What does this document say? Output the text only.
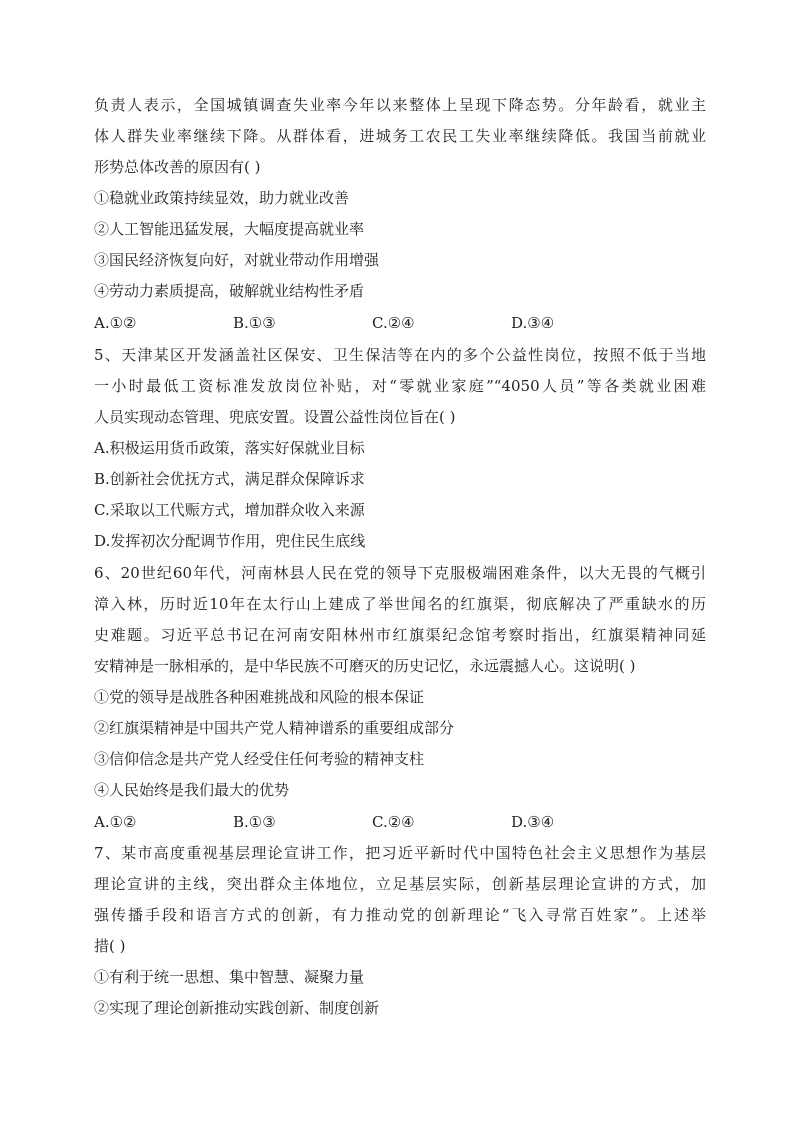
负责人表示，全国城镇调查失业率今年以来整体上呈现下降态势。分年龄看，就业主
体人群失业率继续下降。从群体看，进城务工农民工失业率继续降低。我国当前就业
形势总体改善的原因有( )

①稳就业政策持续显效，助力就业改善
②人工智能迅猛发展，大幅度提高就业率
③国民经济恢复向好，对就业带动作用增强
④劳动力素质提高，破解就业结构性矛盾
A.①②	B.①③	C.②④	D.③④

5、天津某区开发涵盖社区保安、卫生保洁等在内的多个公益性岗位，按照不低于当地
一小时最低工资标准发放岗位补贴，对“零就业家庭”“4050人员”等各类就业困难
人员实现动态管理、兜底安置。设置公益性岗位旨在( )

A.积极运用货币政策，落实好保就业目标
B.创新社会优抚方式，满足群众保障诉求
C.采取以工代赈方式，增加群众收入来源
D.发挥初次分配调节作用，兜住民生底线

6、20世纪60年代，河南林县人民在党的领导下克服极端困难条件，以大无畏的气概引
漳入林，历时近10年在太行山上建成了举世闻名的红旗渠，彻底解决了严重缺水的历
史难题。习近平总书记在河南安阳林州市红旗渠纪念馆考察时指出，红旗渠精神同延
安精神是一脉相承的，是中华民族不可磨灭的历史记忆，永远震撼人心。这说明( )

①党的领导是战胜各种困难挑战和风险的根本保证
②红旗渠精神是中国共产党人精神谱系的重要组成部分
③信仰信念是共产党人经受住任何考验的精神支柱
④人民始终是我们最大的优势
A.①②	B.①③	C.②④	D.③④

7、某市高度重视基层理论宣讲工作，把习近平新时代中国特色社会主义思想作为基层
理论宣讲的主线，突出群众主体地位，立足基层实际，创新基层理论宣讲的方式，加
强传播手段和语言方式的创新，有力推动党的创新理论“飞入寻常百姓家”。上述举
措( )

①有利于统一思想、集中智慧、凝聚力量
②实现了理论创新推动实践创新、制度创新
